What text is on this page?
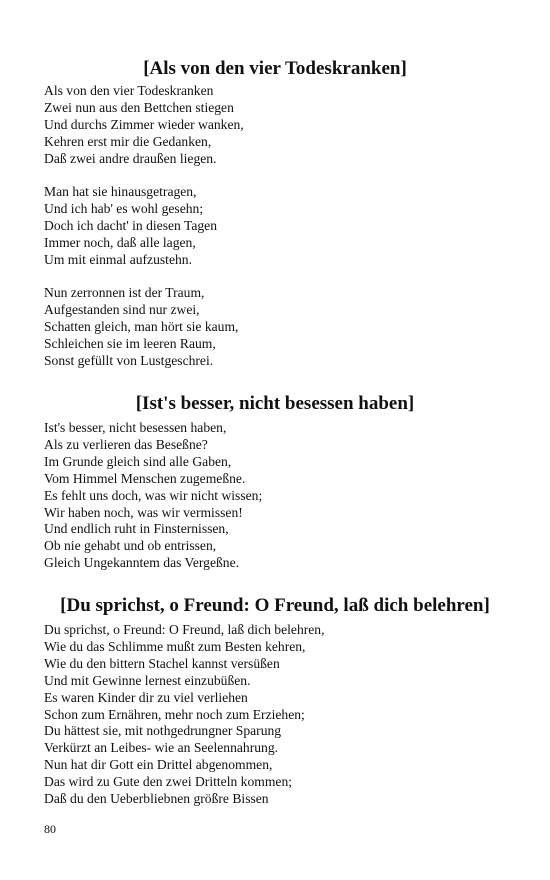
[Als von den vier Todeskranken]
Als von den vier Todeskranken
Zwei nun aus den Bettchen stiegen
Und durchs Zimmer wieder wanken,
Kehren erst mir die Gedanken,
Daß zwei andre draußen liegen.
Man hat sie hinausgetragen,
Und ich hab' es wohl gesehn;
Doch ich dacht' in diesen Tagen
Immer noch, daß alle lagen,
Um mit einmal aufzustehn.
Nun zerronnen ist der Traum,
Aufgestanden sind nur zwei,
Schatten gleich, man hört sie kaum,
Schleichen sie im leeren Raum,
Sonst gefüllt von Lustgeschrei.
[Ist's besser, nicht besessen haben]
Ist's besser, nicht besessen haben,
Als zu verlieren das Beseßne?
Im Grunde gleich sind alle Gaben,
Vom Himmel Menschen zugemeßne.
Es fehlt uns doch, was wir nicht wissen;
Wir haben noch, was wir vermissen!
Und endlich ruht in Finsternissen,
Ob nie gehabt und ob entrissen,
Gleich Ungekanntem das Vergeßne.
[Du sprichst, o Freund: O Freund, laß dich belehren]
Du sprichst, o Freund: O Freund, laß dich belehren,
Wie du das Schlimme mußt zum Besten kehren,
Wie du den bittern Stachel kannst versüßen
Und mit Gewinne lernest einzubüßen.
Es waren Kinder dir zu viel verliehen
Schon zum Ernähren, mehr noch zum Erziehen;
Du hättest sie, mit nothgedrungner Sparung
Verkürzt an Leibes- wie an Seelennahrung.
Nun hat dir Gott ein Drittel abgenommen,
Das wird zu Gute den zwei Dritteln kommen;
Daß du den Ueberbliebnen größre Bissen
80
